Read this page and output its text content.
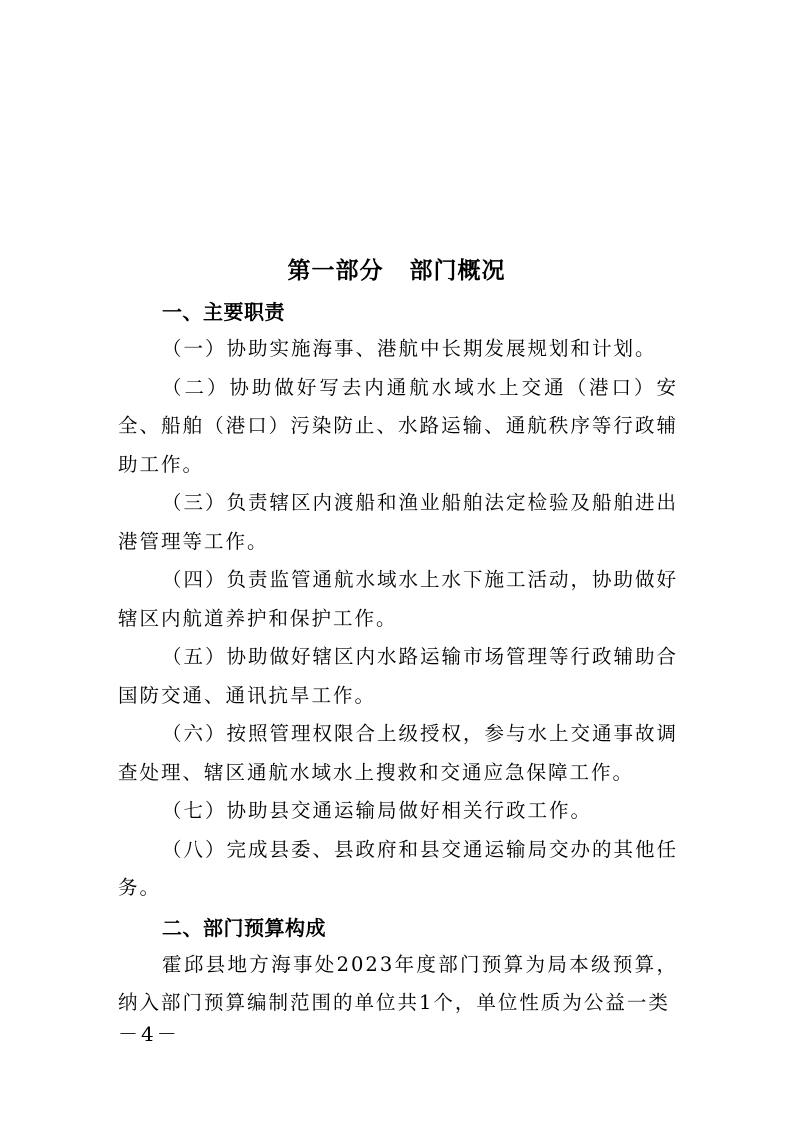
第一部分 部门概况
一、主要职责
（一）协助实施海事、港航中长期发展规划和计划。
（二）协助做好写去内通航水域水上交通（港口）安全、船舶（港口）污染防止、水路运输、通航秩序等行政辅助工作。
（三）负责辖区内渡船和渔业船舶法定检验及船舶进出港管理等工作。
（四）负责监管通航水域水上水下施工活动，协助做好辖区内航道养护和保护工作。
（五）协助做好辖区内水路运输市场管理等行政辅助合国防交通、通讯抗旱工作。
（六）按照管理权限合上级授权，参与水上交通事故调查处理、辖区通航水域水上搜救和交通应急保障工作。
（七）协助县交通运输局做好相关行政工作。
（八）完成县委、县政府和县交通运输局交办的其他任务。
二、部门预算构成
霍邱县地方海事处2023年度部门预算为局本级预算，纳入部门预算编制范围的单位共1个，单位性质为公益一类
－4－
